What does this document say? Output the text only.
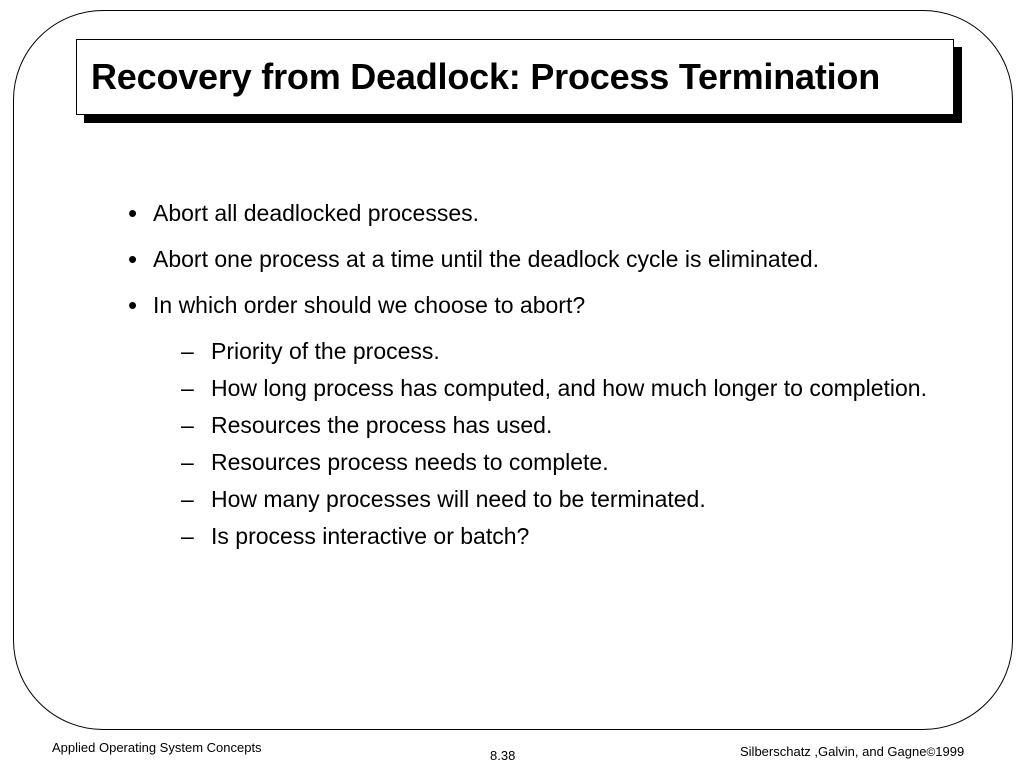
Recovery from Deadlock: Process Termination
• Abort all deadlocked processes.
• Abort one process at a time until the deadlock cycle is eliminated.
• In which order should we choose to abort?
– Priority of the process.
– How long process has computed, and how much longer to completion.
– Resources the process has used.
– Resources process needs to complete.
– How many processes will need to be terminated.
– Is process interactive or batch?
Applied Operating System Concepts
8.38	Silberschatz ,Galvin, and Gagne©1999
